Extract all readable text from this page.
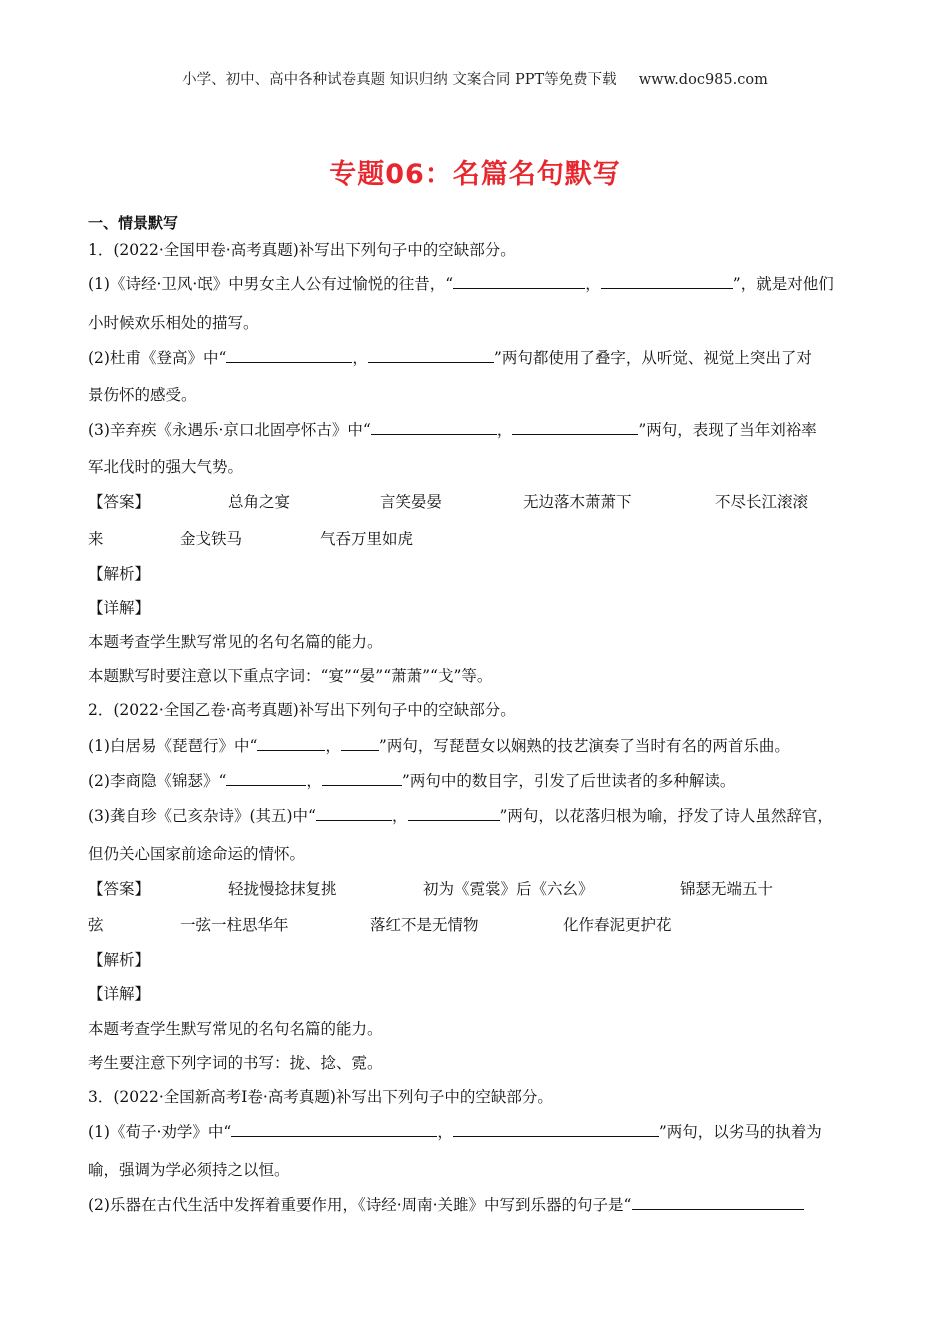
小学、初中、高中各种试卷真题 知识归纳 文案合同 PPT等免费下载 www.doc985.com
专题06：名篇名句默写
一、情景默写
1．(2022·全国甲卷·高考真题)补写出下列句子中的空缺部分。
(1)《诗经·卫风·氓》中男女主人公有过愉悦的往昔，“	，	”，就是对他们
小时候欢乐相处的描写。
(2)杜甫《登高》中“	，	”两句都使用了叠字，从听觉、视觉上突出了对
景伤怀的感受。
(3)辛弃疾《永遇乐·京口北固亭怀古》中“	，	”两句，表现了当年刘裕率
军北伐时的强大气势。
【答案】	总角之宴	言笑晏晏	无边落木萧萧下	不尽长江滚滚
来	金戈铁马	气吞万里如虎
【解析】
【详解】
本题考查学生默写常见的名句名篇的能力。
本题默写时要注意以下重点字词：“宴”“晏”“萧萧”“戈”等。
2．(2022·全国乙卷·高考真题)补写出下列句子中的空缺部分。
(1)白居易《琵琶行》中“	， ”两句，写琵琶女以娴熟的技艺演奏了当时有名的两首乐曲。
(2)李商隐《锦瑟》“	，	”两句中的数目字，引发了后世读者的多种解读。
(3)龚自珍《己亥杂诗》(其五)中“	，	”两句，以花落归根为喻，抒发了诗人虽然辞官，
但仍关心国家前途命运的情怀。
【答案】	轻拢慢捻抹复挑	初为《霓裳》后《六幺》	锦瑟无端五十
弦	一弦一柱思华年	落红不是无情物	化作春泥更护花
【解析】
【详解】
本题考查学生默写常见的名句名篇的能力。
考生要注意下列字词的书写：拢、捻、霓。
3．(2022·全国新高考Ⅰ卷·高考真题)补写出下列句子中的空缺部分。
(1)《荀子·劝学》中“	，	”两句，以劣马的执着为
喻，强调为学必须持之以恒。
(2)乐器在古代生活中发挥着重要作用，《诗经·周南·关雎》中写到乐器的句子是“
